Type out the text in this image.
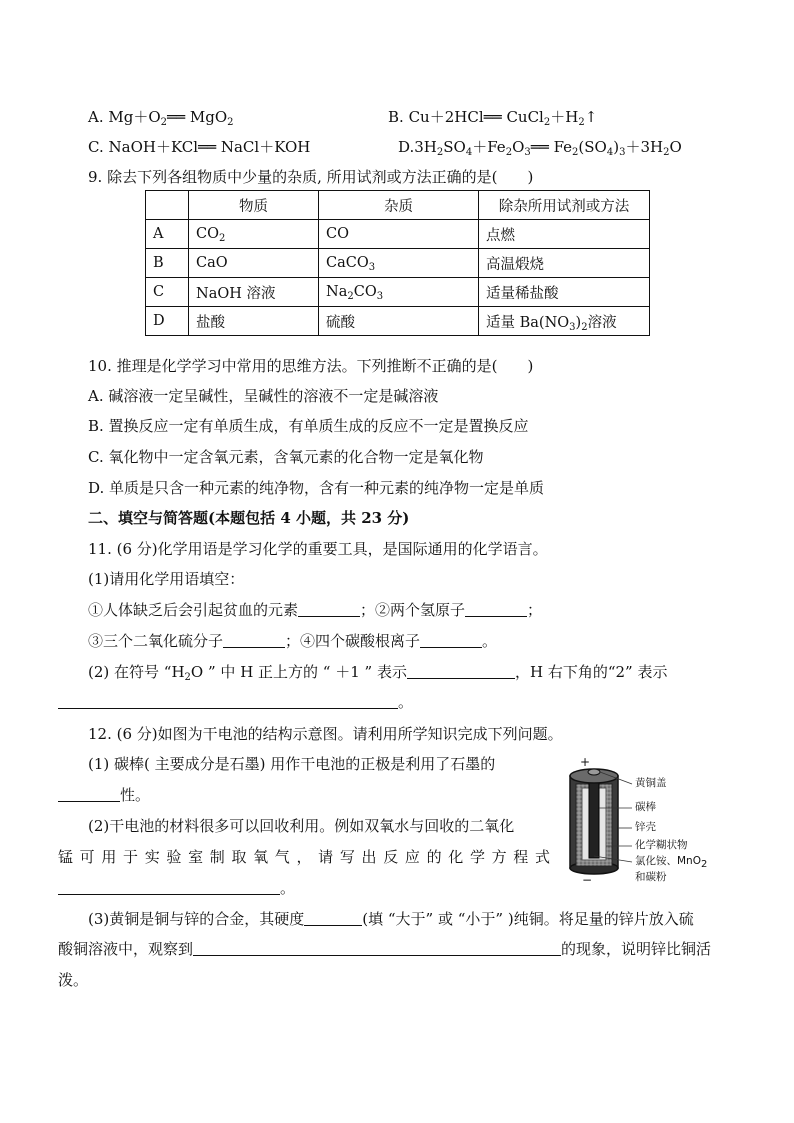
A. $Mg+O_2══$ MgO$_2$	B. Cu＋2HCl══ $CuCl_2+H_2↑$
C. NaOH＋KCl══ NaCl＋KOH	$D.3H_2SO_4+Fe_2O_3══$ $Fe_2(SO_4)_3+3H_2O$
9. 除去下列各组物质中少量的杂质, 所用试剂或方法正确的是( )
	物质	杂质	除杂所用试剂或方法
A	$CO_2$	CO	点燃
B	CaO	CaCO$_3$	高温煅烧
C	NaOH 溶液	$Na_2CO_3$	适量稀盐酸
D	盐酸	硫酸	适量 $Ba(NO_3)_2$溶液
10. 推理是化学学习中常用的思维方法。下列推断不正确的是( )
A. 碱溶液一定呈碱性，呈碱性的溶液不一定是碱溶液
B. 置换反应一定有单质生成，有单质生成的反应不一定是置换反应
C. 氧化物中一定含氧元素，含氧元素的化合物一定是氧化物
D. 单质是只含一种元素的纯净物，含有一种元素的纯净物一定是单质
二、填空与简答题(本题包括 4 小题，共 23 分)
11. (6 分)化学用语是学习化学的重要工具，是国际通用的化学语言。
(1)请用化学用语填空：
①人体缺乏后会引起贫血的元素	；②两个氢原子	；
③三个二氧化硫分子	；④四个碳酸根离子	。
(2) 在符号 “$H_2O$ ” 中 H 正上方的 “ ＋1 ” 表示	，H 右下角的“2” 表示
。
12. (6 分)如图为干电池的结构示意图。请利用所学知识完成下列问题。
(1) 碳棒( 主要成分是石墨) 用作干电池的正极是利用了石墨的
性。
(2)干电池的材料很多可以回收利用。例如双氧水与回收的二氧化
锰可用于实验室制取氧气，请写出反应的化学方程式
。
(3)黄铜是铜与锌的合金，其硬度	(填 “大于” 或 “小于” )纯铜。将足量的锌片放入硫
酸铜溶液中，观察到	的现象，说明锌比铜活
泼。
+
−
黄铜盖
碳棒
锌壳
化学糊状物
氯化铵、MnO$_2$
和碳粉
